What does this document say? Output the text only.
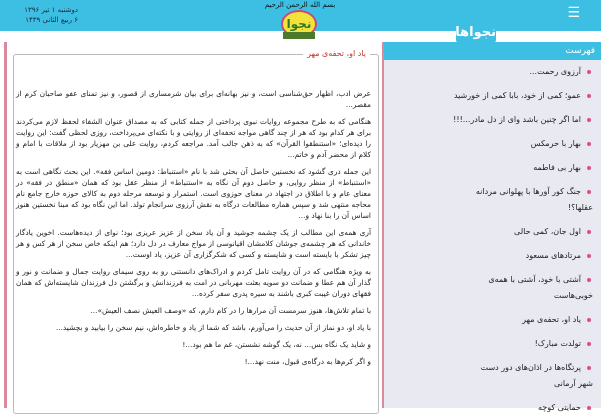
دوشنبه ۱ تیر ۱۳۹۶
۶ ربیع الثانی ۱۴۳۹
بسم الله الرحمن الرحیم	☰
نجوا
نجواها
یاد او، تحفه‌ی مهر

عرض ادب، اظهار حق‌شناسی است، و نیز بهانه‌ای برای بیان شرمساری از قصور، و نیز تمنای عفو صاحبان کرم از مقصر...

هنگامی که به طرح مجموعه روایات نبوی پرداختی از جمله کتابی که به مصداق عنوان الشفاء لحفظ لازم می‌کردند برای هر کدام بود که هر از چند گاهی مواجه تحفه‌ای از روایتی و با نکته‌ای می‌پرداخت، روزی لحظی گفت: این روایت را دیده‌ای؛ «استنطقوا القرآن» که به ذهن جالب آمد. مراجعه کردم، روایت علی بن مهزیار بود از ملاقات با امام و کلام از محضر آدم و خاتم...

این جمله دری گشود که نخستین حاصل آن بحثی شد با نام «استنباط: دومین اساس فقه». این بحث نگاهی است به «استنباط» از منظر روایی، و حاصل دوم آن نگاه به «استنباط» از منظر عقل بود که همان «منطق در فقه» در معنای عام و با اطلاق در اجتهاد در معنای حوزوی است. استمرار و توسعه مرحله دوم به کالای حوزه خارج جامع نام محاجه منتهی شد و سپس هماره مطالعات درگاه به نقش آرزوی سرانجام تولد. اما این نگاه بود که مبنا نخستین هنوز اساس آن را بنا نهاد و...

آری همه‌ی این مطالب از یک چشمه جوشید و آن یاد سخن از عزیز عریزی بود؛ نوای از دیده‌هاست. اخوین یادگار خاندانی که هر چشمه‌ی جوشان کلامشان اقیانوسی از مواج معارف در دل دارد؛ هم اینکه خاص سخن از هر کس و هر چیز تشکر با بایسته است و شایسته و کسی که شکرگزاری آن عزیز، یاد اوست...

به ویژه هنگامی که در آن روایت تامل کردم و ادراک‌های دانستنی رو به روی سیمای روایت جمال و ضمانت و نور و گذار آن هم عطا و ضمانت دو سویه بعثت مهربانی در امت به فرزندانش و برگشتن دل فرزندان شایسته‌اش که همان فقهای دوران غیبت کبری باشند به سیره پدری سفر کرده...

با تمام تلاش‌ها، هنوز سرمست آن مرارها را در کام دارم، که «وصف العیش نصف العیش»...

با یاد او، دو نماز از آن حدیث را می‌آورم، باشد که شما از یاد و خاطره‌اش، نیم سخن را بیابید و بچشید...

و شاید یک نگاه بس... نه، یک گوشه نشستن، غم ما هم بود...!

و اگر کرم‌ها به درگاه‌ی قبول، منت نهد...!

فهرست
آرزوی رحمت...
عمو؛ کمی از خود، بابا کمی از خورشید
اما اگر چنین باشد وای از دل مادر...!!!
بهار با حرمکس
بهار بی فاطمه
جنگ کور آورها با پهلوانی مردانه
عقلها؟!
اول جان، کمی حالی
مرتادهای مسعود
آشتی با خود، آشتی با همه‌ی
خوبی‌هاست
یاد او، تحفه‌ی مهر
تولدت مبارک!
پرتگاه‌ها در اذان‌های دور دست
شهر آرمانی
حمایتی کوچه
